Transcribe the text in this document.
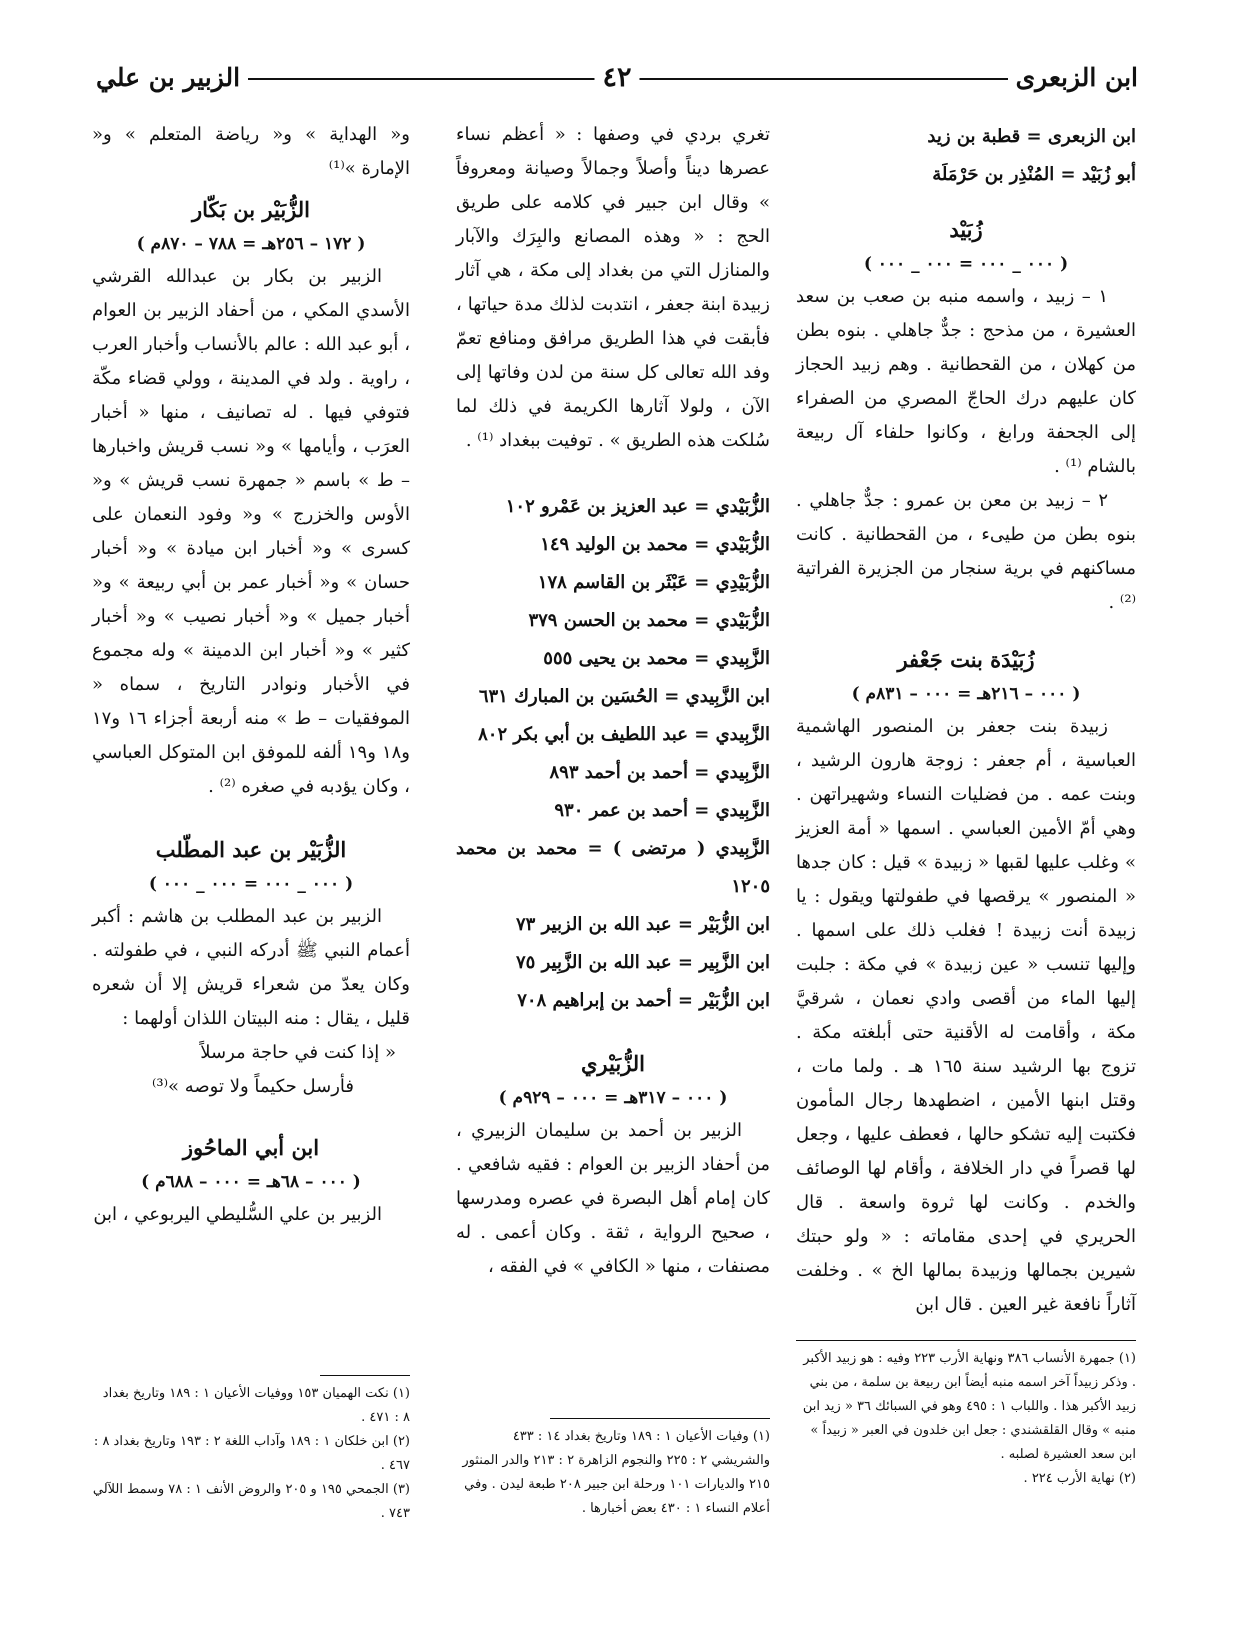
ابن الزبعرى
٤٢
الزبير بن علي

ابن الزبعرى = قطبة بن زيد

أبو زُبَيْد = المُنْذِر بن حَرْمَلَة

زُبَيْد

( ٠٠٠ _ ٠٠٠ = ٠٠٠ _ ٠٠٠ )

١ – زبيد ، واسمه منبه بن صعب بن سعد العشيرة ، من مذحج : جدٌّ جاهلي . بنوه بطن من كهلان ، من القحطانية . وهم زبيد الحجاز كان عليهم درك الحاجّ المصري من الصفراء إلى الجحفة ورابغ ، وكانوا حلفاء آل ربيعة بالشام ⁽¹⁾ .

٢ – زبيد بن معن بن عمرو : جدٌّ جاهلي . بنوه بطن من طيىء ، من القحطانية . كانت مساكنهم في برية سنجار من الجزيرة الفراتية ⁽²⁾ .

زُبَيْدَة بنت جَعْفر

( ٠٠٠ – ٢١٦هـ = ٠٠٠ – ٨٣١م )

زبيدة بنت جعفر بن المنصور الهاشمية العباسية ، أم جعفر : زوجة هارون الرشيد ، وبنت عمه . من فضليات النساء وشهيراتهن . وهي أمّ الأمين العباسي . اسمها « أمة العزيز » وغلب عليها لقبها « زبيدة » قيل : كان جدها « المنصور » يرقصها في طفولتها ويقول : يا زبيدة أنت زبيدة ! فغلب ذلك على اسمها . وإليها تنسب « عين زبيدة » في مكة : جلبت إليها الماء من أقصى وادي نعمان ، شرقيَّ مكة ، وأقامت له الأقنية حتى أبلغته مكة . تزوج بها الرشيد سنة ١٦٥ هـ . ولما مات ، وقتل ابنها الأمين ، اضطهدها رجال المأمون فكتبت إليه تشكو حالها ، فعطف عليها ، وجعل لها قصراً في دار الخلافة ، وأقام لها الوصائف والخدم . وكانت لها ثروة واسعة . قال الحريري في إحدى مقاماته : « ولو حبتك شيرين بجمالها وزبيدة بمالها الخ » . وخلفت آثاراً نافعة غير العين . قال ابن

(١) جمهرة الأنساب ٣٨٦ ونهاية الأرب ٢٢٣ وفيه : هو زبيد الأكبر . وذكر زبيداً آخر اسمه منبه أيضاً ابن ربيعة بن سلمة ، من بني زبيد الأكبر هذا . واللباب ١ : ٤٩٥ وهو في السبائك ٣٦ « زيد ابن منبه » وقال القلقشندي : جعل ابن خلدون في العبر « زبيداً » ابن سعد العشيرة لصلبه .

(٢) نهاية الأرب ٢٢٤ .

تغري بردي في وصفها : « أعظم نساء عصرها ديناً وأصلاً وجمالاً وصيانة ومعروفاً » وقال ابن جبير في كلامه على طريق الحج : « وهذه المصانع والبِرَك والآبار والمنازل التي من بغداد إلى مكة ، هي آثار زبيدة ابنة جعفر ، انتدبت لذلك مدة حياتها ، فأبقت في هذا الطريق مرافق ومنافع تعمّ وفد الله تعالى كل سنة من لدن وفاتها إلى الآن ، ولولا آثارها الكريمة في ذلك لما سُلكت هذه الطريق » . توفيت ببغداد ⁽¹⁾ .

الزُّبَيْدي = عبد العزيز بن عَمْرو ١٠٢

الزُّبَيْدي = محمد بن الوليد ١٤٩

الزُّبَيْدِي = عَبْثَر بن القاسم ١٧٨

الزُّبَيْدي = محمد بن الحسن ٣٧٩

الزَّبِيدي = محمد بن يحيى ٥٥٥

ابن الزَّبِيدي = الحُسَين بن المبارك ٦٣١

الزَّبِيدي = عبد اللطيف بن أبي بكر ٨٠٢

الزَّبِيدي = أحمد بن أحمد ٨٩٣

الزَّبِيدي = أحمد بن عمر ٩٣٠

الزَّبِيدي ( مرتضى ) = محمد بن محمد ١٢٠٥

ابن الزُّبَيْر = عبد الله بن الزبير ٧٣

ابن الزَّبِير = عبد الله بن الزَّبِير ٧٥

ابن الزُّبَيْر = أحمد بن إبراهيم ٧٠٨

الزُّبَيْري

( ٠٠٠ – ٣١٧هـ = ٠٠٠ – ٩٢٩م )

الزبير بن أحمد بن سليمان الزبيري ، من أحفاد الزبير بن العوام : فقيه شافعي . كان إمام أهل البصرة في عصره ومدرسها ، صحيح الرواية ، ثقة . وكان أعمى . له مصنفات ، منها « الكافي » في الفقه ،

(١) وفيات الأعيان ١ : ١٨٩ وتاريخ بغداد ١٤ : ٤٣٣ والشريشي ٢ : ٢٢٥ والنجوم الزاهرة ٢ : ٢١٣ والدر المنثور ٢١٥ والديارات ١٠١ ورحلة ابن جبير ٢٠٨ طبعة ليدن . وفي أعلام النساء ١ : ٤٣٠ بعض أخبارها .

و« الهداية » و« رياضة المتعلم » و« الإمارة »⁽¹⁾

الزُّبَيْر بن بَكّار

( ١٧٢ – ٢٥٦هـ = ٧٨٨ – ٨٧٠م )

الزبير بن بكار بن عبدالله القرشي الأسدي المكي ، من أحفاد الزبير بن العوام ، أبو عبد الله : عالم بالأنساب وأخبار العرب ، راوية . ولد في المدينة ، وولي قضاء مكّة فتوفي فيها . له تصانيف ، منها « أخبار العرَب ، وأيامها » و« نسب قريش واخبارها – ط » باسم « جمهرة نسب قريش » و« الأوس والخزرج » و« وفود النعمان على كسرى » و« أخبار ابن ميادة » و« أخبار حسان » و« أخبار عمر بن أبي ربيعة » و« أخبار جميل » و« أخبار نصيب » و« أخبار كثير » و« أخبار ابن الدمينة » وله مجموع في الأخبار ونوادر التاريخ ، سماه « الموفقيات – ط » منه أربعة أجزاء ١٦ و١٧ و١٨ و١٩ ألفه للموفق ابن المتوكل العباسي ، وكان يؤدبه في صغره ⁽²⁾ .

الزُّبَيْر بن عبد المطّلب

( ٠٠٠ _ ٠٠٠ = ٠٠٠ _ ٠٠٠ )

الزبير بن عبد المطلب بن هاشم : أكبر أعمام النبي ﷺ أدركه النبي ، في طفولته . وكان يعدّ من شعراء قريش إلا أن شعره قليل ، يقال : منه البيتان اللذان أولهما :

« إذا كنت في حاجة مرسلاً

فأرسل حكيماً ولا توصه »⁽³⁾

ابن أبي الماحُوز

( ٠٠٠ – ٦٨هـ = ٠٠٠ – ٦٨٨م )

الزبير بن علي السُّليطي اليربوعي ، ابن

(١) نكت الهميان ١٥٣ ووفيات الأعيان ١ : ١٨٩ وتاريخ بغداد ٨ : ٤٧١ .

(٢) ابن خلكان ١ : ١٨٩ وآداب اللغة ٢ : ١٩٣ وتاريخ بغداد ٨ : ٤٦٧ .

(٣) الجمحي ١٩٥ و ٢٠٥ والروض الأنف ١ : ٧٨ وسمط اللآلي ٧٤٣ .
